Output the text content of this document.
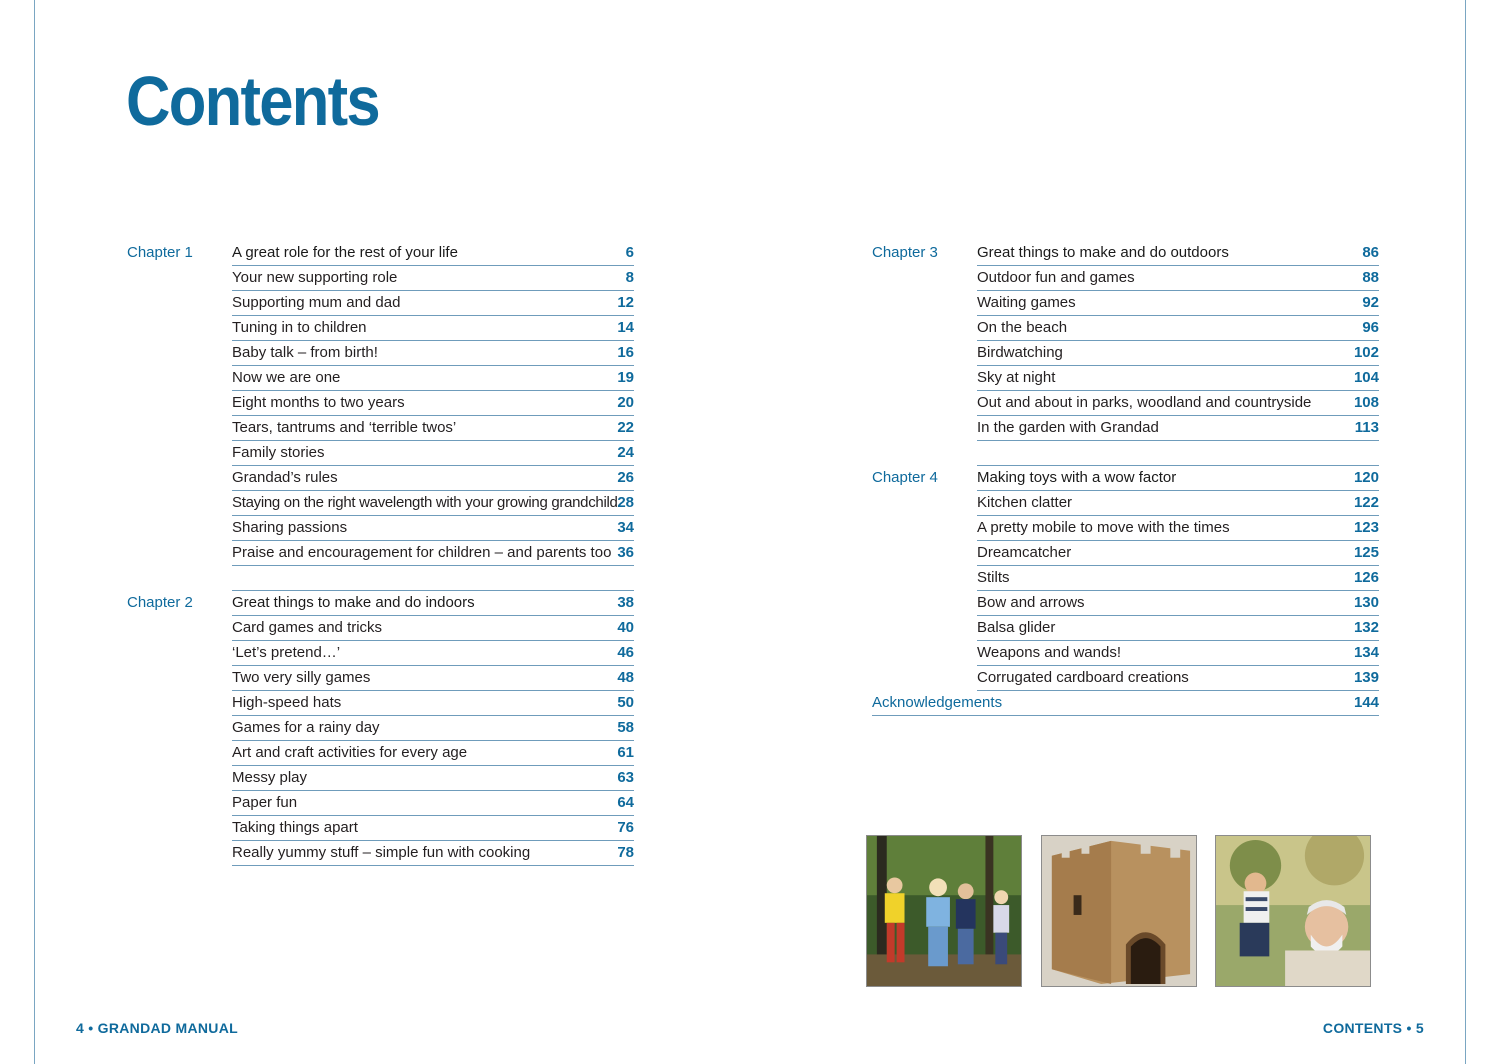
Contents
Chapter 1	A great role for the rest of your life	6
Your new supporting role	8
Supporting mum and dad	12
Tuning in to children	14
Baby talk – from birth!	16
Now we are one	19
Eight months to two years	20
Tears, tantrums and ‘terrible twos’	22
Family stories	24
Grandad’s rules	26
Staying on the right wavelength with your growing grandchild 28
Sharing passions	34
Praise and encouragement for children – and parents too 36
Chapter 2	Great things to make and do indoors	38
Card games and tricks	40
‘Let’s pretend…’	46
Two very silly games	48
High-speed hats	50
Games for a rainy day	58
Art and craft activities for every age	61
Messy play	63
Paper fun	64
Taking things apart	76
Really yummy stuff – simple fun with cooking	78
Chapter 3	Great things to make and do outdoors	86
Outdoor fun and games	88
Waiting games	92
On the beach	96
Birdwatching	102
Sky at night	104
Out and about in parks, woodland and countryside	108
In the garden with Grandad	113
Chapter 4	Making toys with a wow factor	120
Kitchen clatter	122
A pretty mobile to move with the times	123
Dreamcatcher	125
Stilts	126
Bow and arrows	130
Balsa glider	132
Weapons and wands!	134
Corrugated cardboard creations	139
Acknowledgements	144
4 • GRANDAD MANUAL	CONTENTS • 5
